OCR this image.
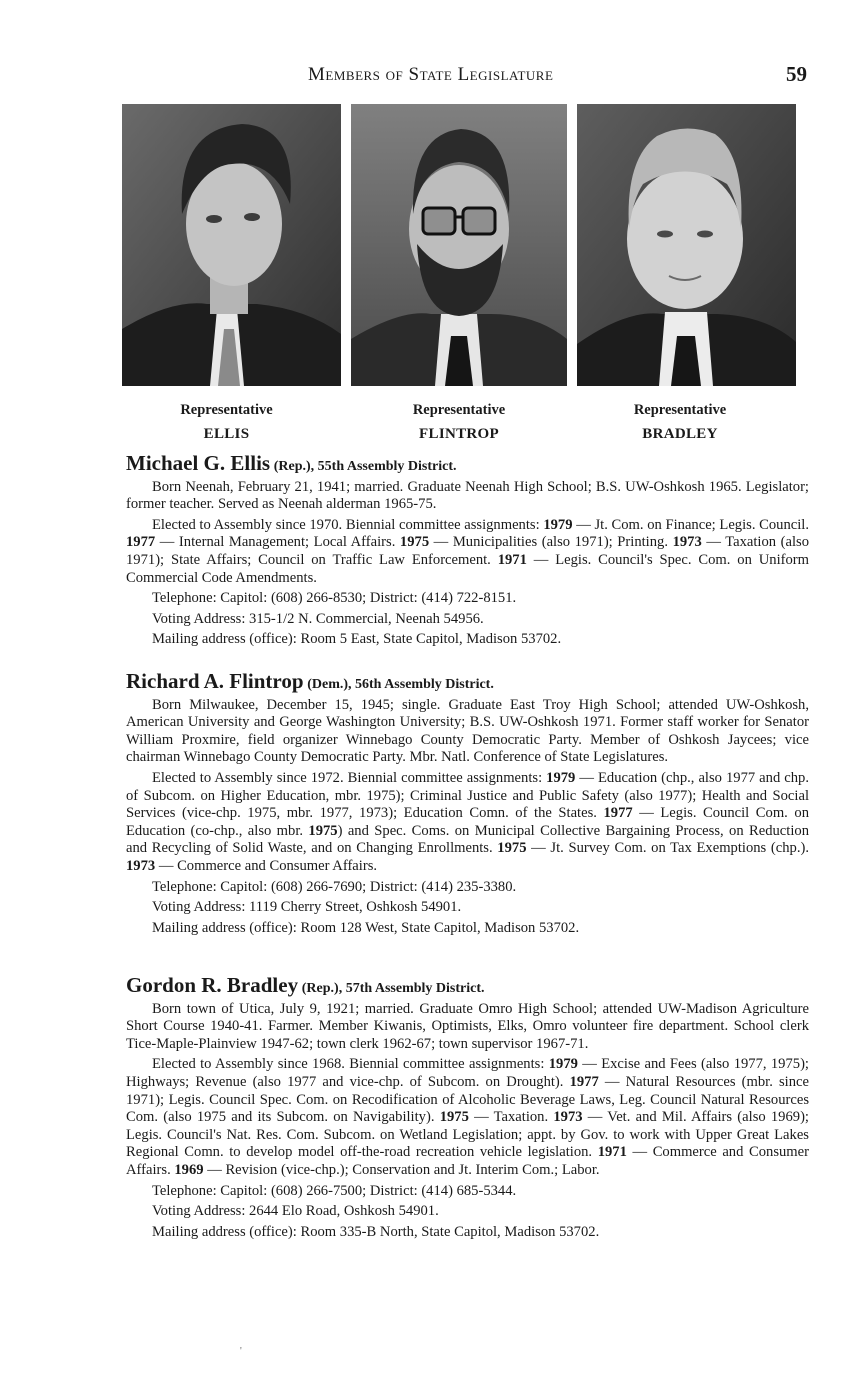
Members of State Legislature	59
Representative
ELLIS
Representative
FLINTROP
Representative
BRADLEY
Michael G. Ellis (Rep.), 55th Assembly District.

Born Neenah, February 21, 1941; married. Graduate Neenah High School; B.S. UW-Oshkosh 1965. Legislator; former teacher. Served as Neenah alderman 1965-75.

Elected to Assembly since 1970. Biennial committee assignments: 1979 — Jt. Com. on Finance; Legis. Council. 1977 — Internal Management; Local Affairs. 1975 — Municipalities (also 1971); Printing. 1973 — Taxation (also 1971); State Affairs; Council on Traffic Law Enforcement. 1971 — Legis. Council's Spec. Com. on Uniform Commercial Code Amendments.

Telephone: Capitol: (608) 266-8530; District: (414) 722-8151.

Voting Address: 315-1/2 N. Commercial, Neenah 54956.

Mailing address (office): Room 5 East, State Capitol, Madison 53702.

Richard A. Flintrop (Dem.), 56th Assembly District.

Born Milwaukee, December 15, 1945; single. Graduate East Troy High School; attended UW-Oshkosh, American University and George Washington University; B.S. UW-Oshkosh 1971. Former staff worker for Senator William Proxmire, field organizer Winnebago County Democratic Party. Member of Oshkosh Jaycees; vice chairman Winnebago County Democratic Party. Mbr. Natl. Conference of State Legislatures.

Elected to Assembly since 1972. Biennial committee assignments: 1979 — Education (chp., also 1977 and chp. of Subcom. on Higher Education, mbr. 1975); Criminal Justice and Public Safety (also 1977); Health and Social Services (vice-chp. 1975, mbr. 1977, 1973); Education Comn. of the States. 1977 — Legis. Council Com. on Education (co-chp., also mbr. 1975) and Spec. Coms. on Municipal Collective Bargaining Process, on Reduction and Recycling of Solid Waste, and on Changing Enrollments. 1975 — Jt. Survey Com. on Tax Exemptions (chp.). 1973 — Commerce and Consumer Affairs.

Telephone: Capitol: (608) 266-7690; District: (414) 235-3380.

Voting Address: 1119 Cherry Street, Oshkosh 54901.

Mailing address (office): Room 128 West, State Capitol, Madison 53702.

Gordon R. Bradley (Rep.), 57th Assembly District.

Born town of Utica, July 9, 1921; married. Graduate Omro High School; attended UW-Madison Agriculture Short Course 1940-41. Farmer. Member Kiwanis, Optimists, Elks, Omro volunteer fire department. School clerk Tice-Maple-Plainview 1947-62; town clerk 1962-67; town supervisor 1967-71.

Elected to Assembly since 1968. Biennial committee assignments: 1979 — Excise and Fees (also 1977, 1975); Highways; Revenue (also 1977 and vice-chp. of Subcom. on Drought). 1977 — Natural Resources (mbr. since 1971); Legis. Council Spec. Com. on Recodification of Alcoholic Beverage Laws, Leg. Council Natural Resources Com. (also 1975 and its Subcom. on Navigability). 1975 — Taxation. 1973 — Vet. and Mil. Affairs (also 1969); Legis. Council's Nat. Res. Com. Subcom. on Wetland Legislation; appt. by Gov. to work with Upper Great Lakes Regional Comn. to develop model off-the-road recreation vehicle legislation. 1971 — Commerce and Consumer Affairs. 1969 — Revision (vice-chp.); Conservation and Jt. Interim Com.; Labor.

Telephone: Capitol: (608) 266-7500; District: (414) 685-5344.

Voting Address: 2644 Elo Road, Oshkosh 54901.

Mailing address (office): Room 335-B North, State Capitol, Madison 53702.

'
